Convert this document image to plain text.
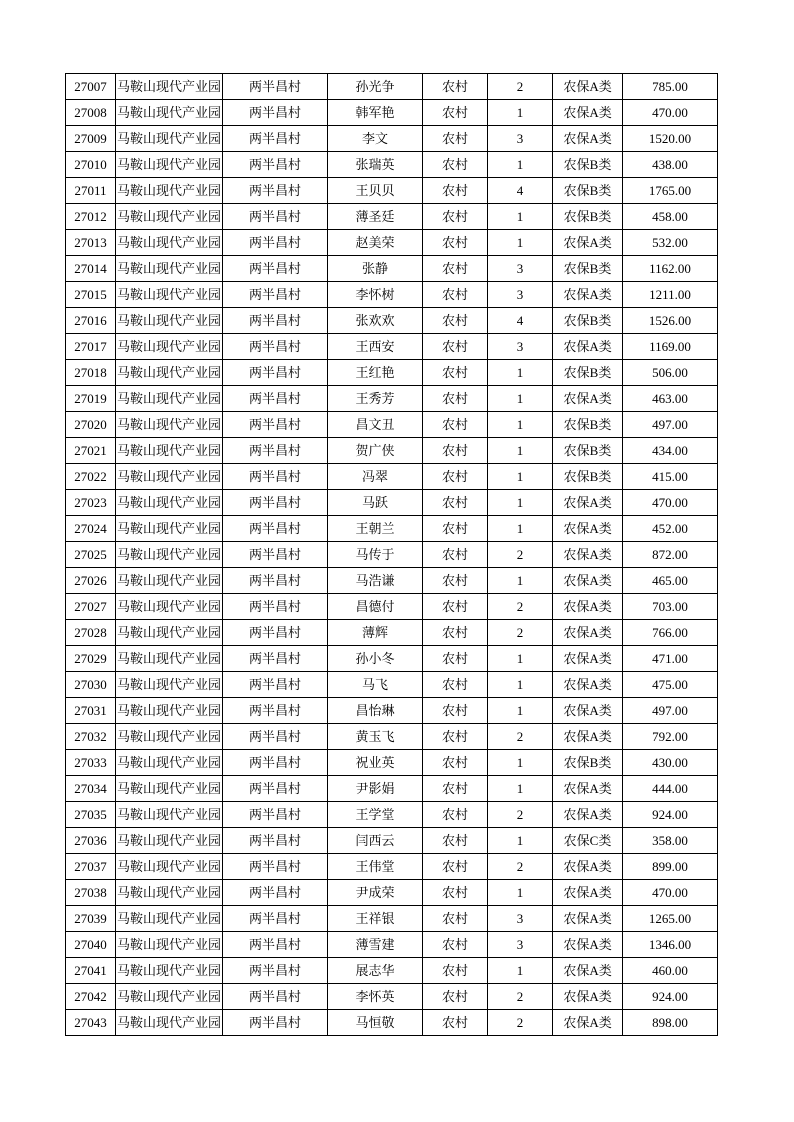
27007	马鞍山现代产业园	两半昌村	孙光争	农村	2	农保A类	785.00
27008	马鞍山现代产业园	两半昌村	韩军艳	农村	1	农保A类	470.00
27009	马鞍山现代产业园	两半昌村	李文	农村	3	农保A类	1520.00
27010	马鞍山现代产业园	两半昌村	张瑞英	农村	1	农保B类	438.00
27011	马鞍山现代产业园	两半昌村	王贝贝	农村	4	农保B类	1765.00
27012	马鞍山现代产业园	两半昌村	薄圣廷	农村	1	农保B类	458.00
27013	马鞍山现代产业园	两半昌村	赵美荣	农村	1	农保A类	532.00
27014	马鞍山现代产业园	两半昌村	张静	农村	3	农保B类	1162.00
27015	马鞍山现代产业园	两半昌村	李怀树	农村	3	农保A类	1211.00
27016	马鞍山现代产业园	两半昌村	张欢欢	农村	4	农保B类	1526.00
27017	马鞍山现代产业园	两半昌村	王西安	农村	3	农保A类	1169.00
27018	马鞍山现代产业园	两半昌村	王红艳	农村	1	农保B类	506.00
27019	马鞍山现代产业园	两半昌村	王秀芳	农村	1	农保A类	463.00
27020	马鞍山现代产业园	两半昌村	昌文丑	农村	1	农保B类	497.00
27021	马鞍山现代产业园	两半昌村	贺广侠	农村	1	农保B类	434.00
27022	马鞍山现代产业园	两半昌村	冯翠	农村	1	农保B类	415.00
27023	马鞍山现代产业园	两半昌村	马跃	农村	1	农保A类	470.00
27024	马鞍山现代产业园	两半昌村	王朝兰	农村	1	农保A类	452.00
27025	马鞍山现代产业园	两半昌村	马传于	农村	2	农保A类	872.00
27026	马鞍山现代产业园	两半昌村	马浩谦	农村	1	农保A类	465.00
27027	马鞍山现代产业园	两半昌村	昌德付	农村	2	农保A类	703.00
27028	马鞍山现代产业园	两半昌村	薄辉	农村	2	农保A类	766.00
27029	马鞍山现代产业园	两半昌村	孙小冬	农村	1	农保A类	471.00
27030	马鞍山现代产业园	两半昌村	马飞	农村	1	农保A类	475.00
27031	马鞍山现代产业园	两半昌村	昌怡琳	农村	1	农保A类	497.00
27032	马鞍山现代产业园	两半昌村	黄玉飞	农村	2	农保A类	792.00
27033	马鞍山现代产业园	两半昌村	祝业英	农村	1	农保B类	430.00
27034	马鞍山现代产业园	两半昌村	尹影娟	农村	1	农保A类	444.00
27035	马鞍山现代产业园	两半昌村	王学堂	农村	2	农保A类	924.00
27036	马鞍山现代产业园	两半昌村	闫西云	农村	1	农保C类	358.00
27037	马鞍山现代产业园	两半昌村	王伟堂	农村	2	农保A类	899.00
27038	马鞍山现代产业园	两半昌村	尹成荣	农村	1	农保A类	470.00
27039	马鞍山现代产业园	两半昌村	王祥银	农村	3	农保A类	1265.00
27040	马鞍山现代产业园	两半昌村	薄雪建	农村	3	农保A类	1346.00
27041	马鞍山现代产业园	两半昌村	展志华	农村	1	农保A类	460.00
27042	马鞍山现代产业园	两半昌村	李怀英	农村	2	农保A类	924.00
27043	马鞍山现代产业园	两半昌村	马恒敬	农村	2	农保A类	898.00
